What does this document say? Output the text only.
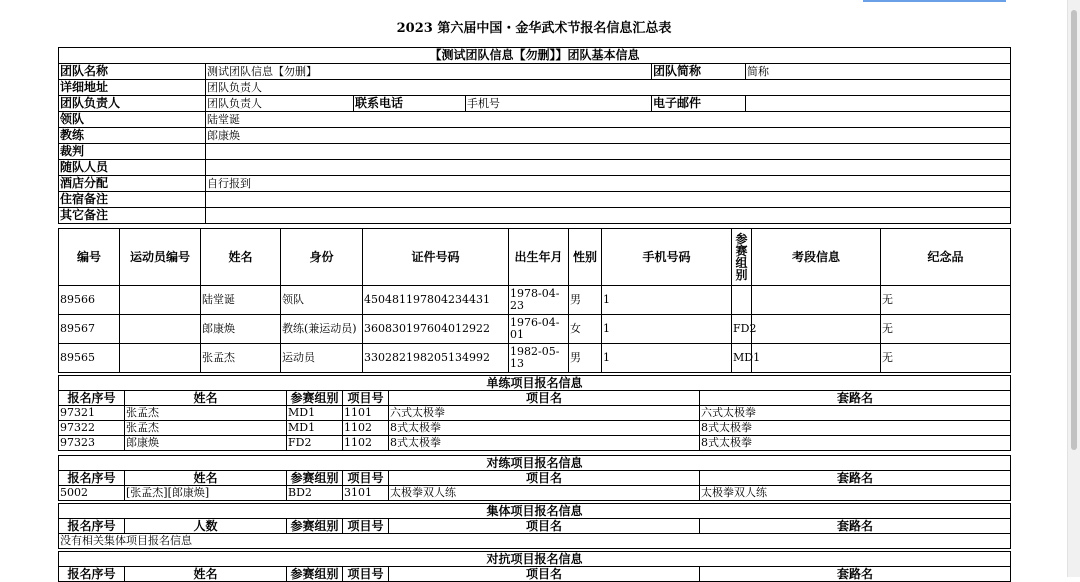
2023 第六届中国・金华武术节报名信息汇总表
【测试团队信息【勿删】】团队基本信息					
团队名称	测试团队信息【勿删】			团队简称	简称
详细地址	团队负责人				
团队负责人	团队负责人	联系电话	手机号	电子邮件	
领队	陆堂诞				
教练	郎康焕				
裁判					
随队人员					
酒店分配	自行报到				
住宿备注					
其它备注					
编号	运动员编号	姓名	身份	证件号码	出生年月	性别	手机号码	参赛组别	考段信息	纪念品
89566		陆堂诞	领队	450481197804234431	1978-04-23	男	1			无
89567		郎康焕	教练(兼运动员)	360830197604012922	1976-04-01	女	1	FD2		无
89565		张孟杰	运动员	330282198205134992	1982-05-13	男	1	MD1		无
单练项目报名信息					
报名序号	姓名	参赛组别	项目号	项目名	套路名
97321	张孟杰	MD1	1101	六式太极拳	六式太极拳
97322	张孟杰	MD1	1102	8式太极拳	8式太极拳
97323	郎康焕	FD2	1102	8式太极拳	8式太极拳
对练项目报名信息					
报名序号	姓名	参赛组别	项目号	项目名	套路名
5002	[张孟杰][郎康焕]	BD2	3101	太极拳双人练	太极拳双人练
集体项目报名信息
报名序号	人数	参赛组别	项目号	项目名	套路名
没有相关集体项目报名信息
对抗项目报名信息
报名序号	姓名	参赛组别	项目号	项目名	套路名
